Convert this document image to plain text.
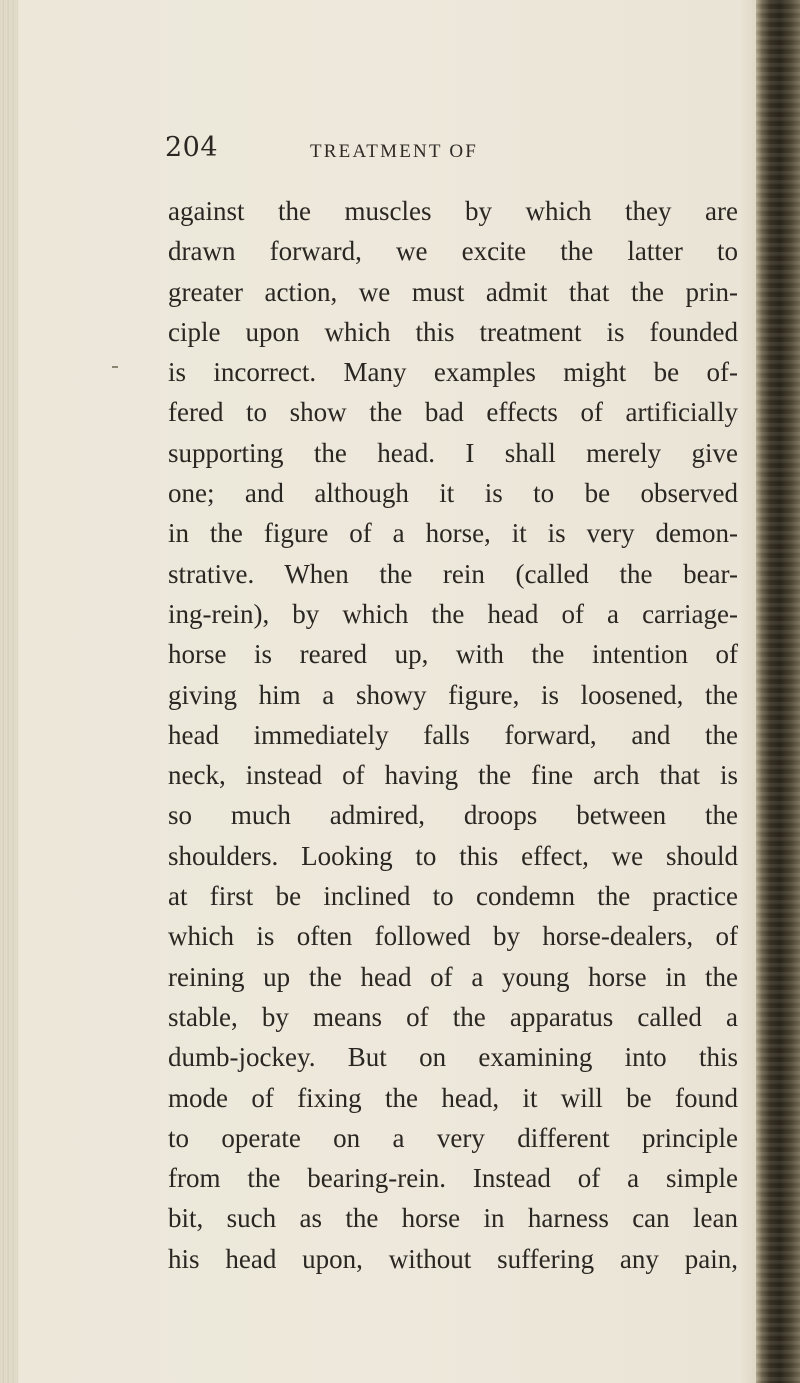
204	TREATMENT OF
against the muscles by which they are
drawn forward, we excite the latter to
greater action, we must admit that the prin-
ciple upon which this treatment is founded
is incorrect. Many examples might be of-
fered to show the bad effects of artificially
supporting the head. I shall merely give
one; and although it is to be observed
in the figure of a horse, it is very demon-
strative. When the rein (called the bear-
ing-rein), by which the head of a carriage-
horse is reared up, with the intention of
giving him a showy figure, is loosened, the
head immediately falls forward, and the
neck, instead of having the fine arch that is
so much admired, droops between the
shoulders. Looking to this effect, we should
at first be inclined to condemn the practice
which is often followed by horse-dealers, of
reining up the head of a young horse in the
stable, by means of the apparatus called a
dumb-jockey. But on examining into this
mode of fixing the head, it will be found
to operate on a very different principle
from the bearing-rein. Instead of a simple
bit, such as the horse in harness can lean
his head upon, without suffering any pain,
